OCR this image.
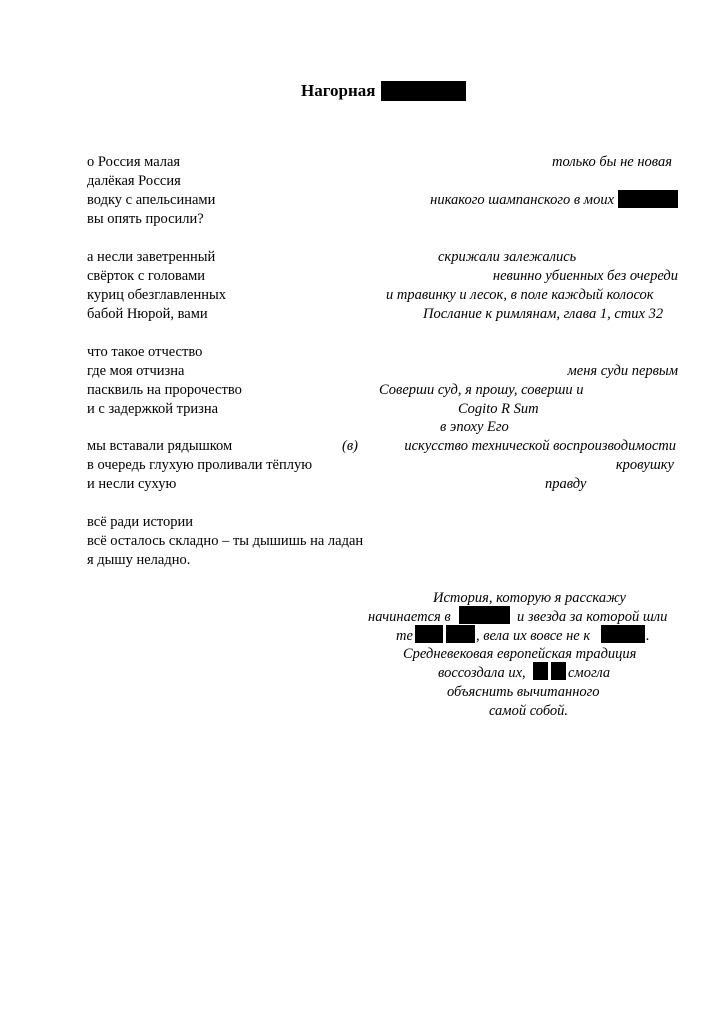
Нагорная
о Россия малая
далёкая Россия
водку с апельсинами
вы опять просили?
а несли заветренный
свёрток с головами
куриц обезглавленных
бабой Нюрой, вами
что такое отчество
где моя отчизна
пасквиль на пророчество
и с задержкой тризна
мы вставали рядышком
в очередь глухую проливали тёплую
и несли сухую
всё ради истории
всё осталось складно – ты дышишь на ладан
я дышу неладно.
(в)
только бы не новая
никакого шампанского в моих
скрижали залежались
невинно убиенных без очереди
и травинку и лесок, в поле каждый колосок
Послание к римлянам, глава 1, стих 32
меня суди первым
Соверши суд, я прошу, соверши и
Cogito R Sum
в эпоху Его
искусство технической воспроизводимости
кровушку
правду
История, которую я расскажу
начинается в	и звезда за которой шли
те	, вела их вовсе не к	.
Средневековая европейская традиция
воссоздала их,	смогла
объяснить вычитанного
самой собой.
